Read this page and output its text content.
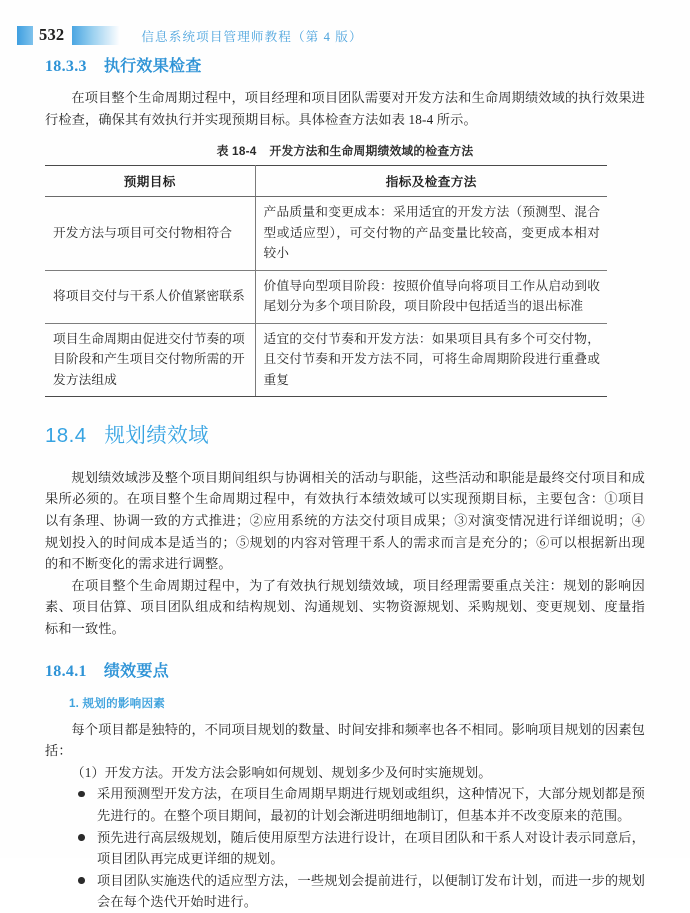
532	信息系统项目管理师教程（第 4 版）
18.3.3 执行效果检查

在项目整个生命周期过程中，项目经理和项目团队需要对开发方法和生命周期绩效域的执行效果进行检查，确保其有效执行并实现预期目标。具体检查方法如表 18-4 所示。

表 18-4 开发方法和生命周期绩效域的检查方法
预期目标	指标及检查方法
开发方法与项目可交付物相符合	产品质量和变更成本：采用适宜的开发方法（预测型、混合型或适应型），可交付物的产品变量比较高，变更成本相对较小
将项目交付与干系人价值紧密联系	价值导向型项目阶段：按照价值导向将项目工作从启动到收尾划分为多个项目阶段，项目阶段中包括适当的退出标准
项目生命周期由促进交付节奏的项目阶段和产生项目交付物所需的开发方法组成	适宜的交付节奏和开发方法：如果项目具有多个可交付物，且交付节奏和开发方法不同，可将生命周期阶段进行重叠或重复
18.4 规划绩效域

规划绩效域涉及整个项目期间组织与协调相关的活动与职能，这些活动和职能是最终交付项目和成果所必须的。在项目整个生命周期过程中，有效执行本绩效域可以实现预期目标，主要包含：①项目以有条理、协调一致的方式推进；②应用系统的方法交付项目成果；③对演变情况进行详细说明；④规划投入的时间成本是适当的；⑤规划的内容对管理干系人的需求而言是充分的；⑥可以根据新出现的和不断变化的需求进行调整。

在项目整个生命周期过程中，为了有效执行规划绩效域，项目经理需要重点关注：规划的影响因素、项目估算、项目团队组成和结构规划、沟通规划、实物资源规划、采购规划、变更规划、度量指标和一致性。

18.4.1 绩效要点
1. 规划的影响因素

每个项目都是独特的，不同项目规划的数量、时间安排和频率也各不相同。影响项目规划的因素包括：

（1）开发方法。开发方法会影响如何规划、规划多少及何时实施规划。

采用预测型开发方法，在项目生命周期早期进行规划或组织，这种情况下，大部分规划都是预先进行的。在整个项目期间，最初的计划会渐进明细地制订，但基本并不改变原来的范围。
预先进行高层级规划，随后使用原型方法进行设计，在项目团队和干系人对设计表示同意后，项目团队再完成更详细的规划。
项目团队实施迭代的适应型方法，一些规划会提前进行，以便制订发布计划，而进一步的规划会在每个迭代开始时进行。
